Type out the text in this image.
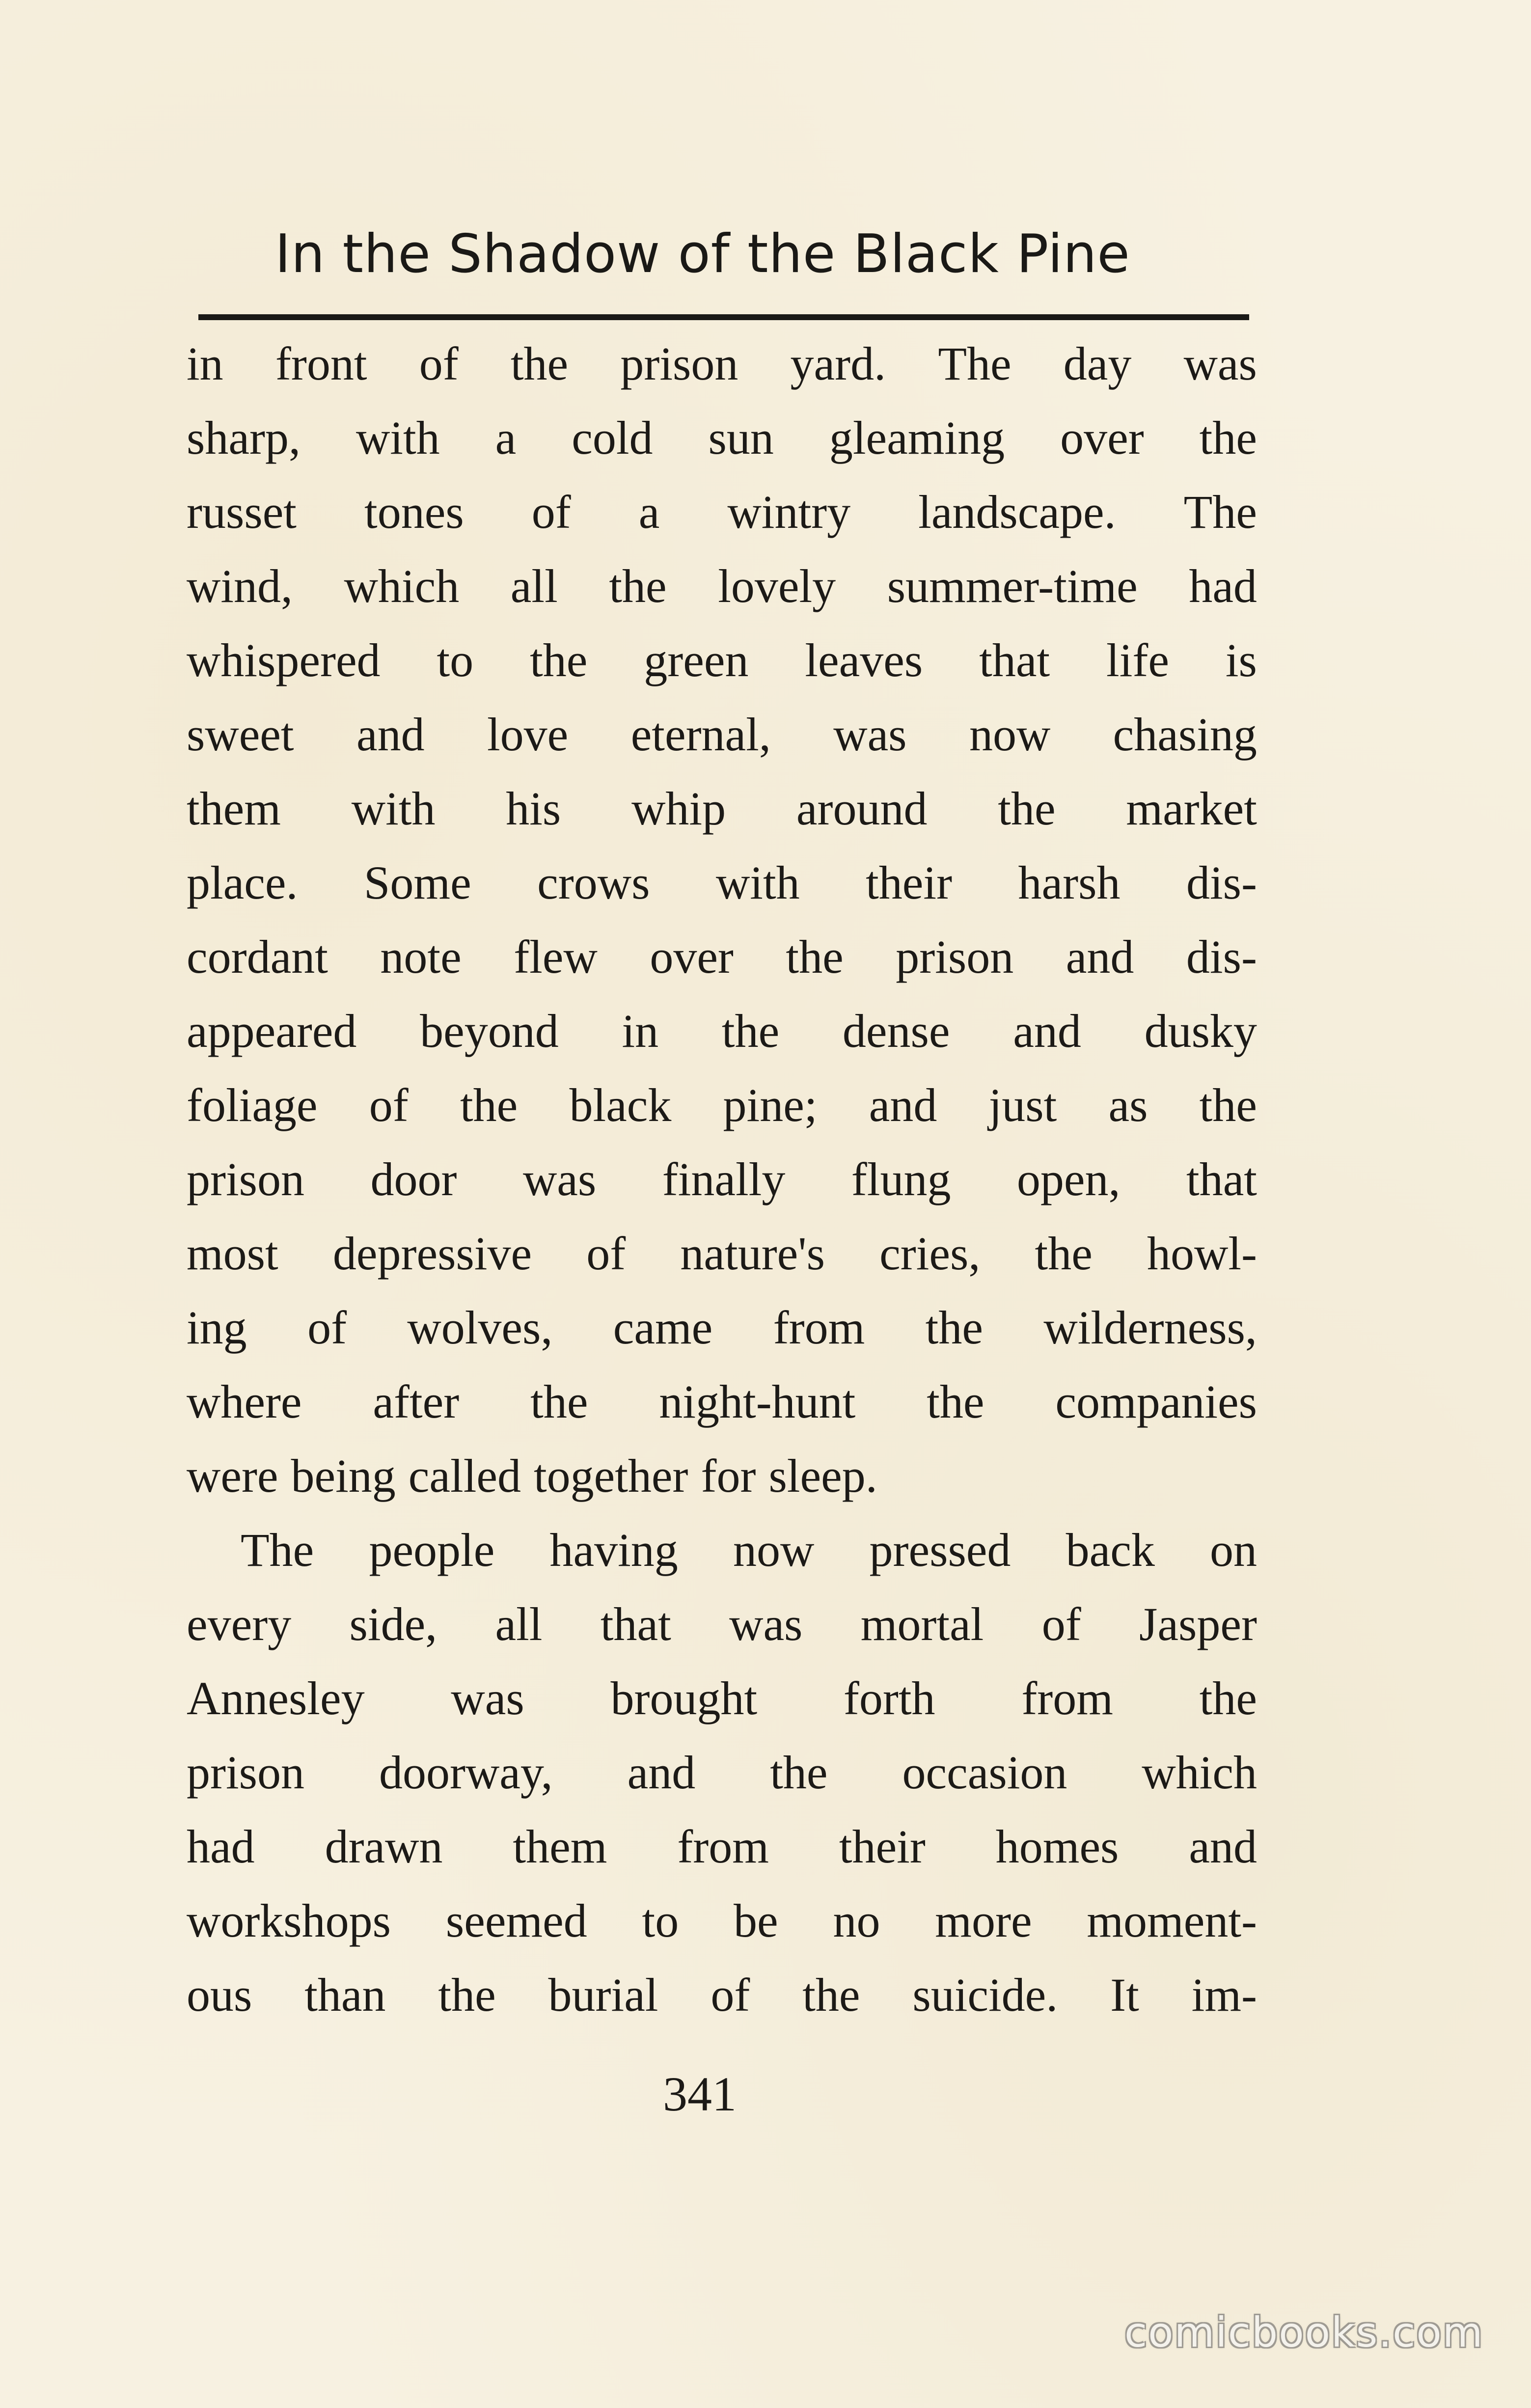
In the Shadow of the Black Pine
in front of the prison yard. The day was
sharp, with a cold sun gleaming over the
russet tones of a wintry landscape. The
wind, which all the lovely summer-time had
whispered to the green leaves that life is
sweet and love eternal, was now chasing
them with his whip around the market
place. Some crows with their harsh dis-
cordant note flew over the prison and dis-
appeared beyond in the dense and dusky
foliage of the black pine; and just as the
prison door was finally flung open, that
most depressive of nature's cries, the howl-
ing of wolves, came from the wilderness,
where after the night-hunt the companies
were being called together for sleep.
The people having now pressed back on
every side, all that was mortal of Jasper
Annesley was brought forth from the
prison doorway, and the occasion which
had drawn them from their homes and
workshops seemed to be no more moment-
ous than the burial of the suicide. It im-
341
comicbooks.com
